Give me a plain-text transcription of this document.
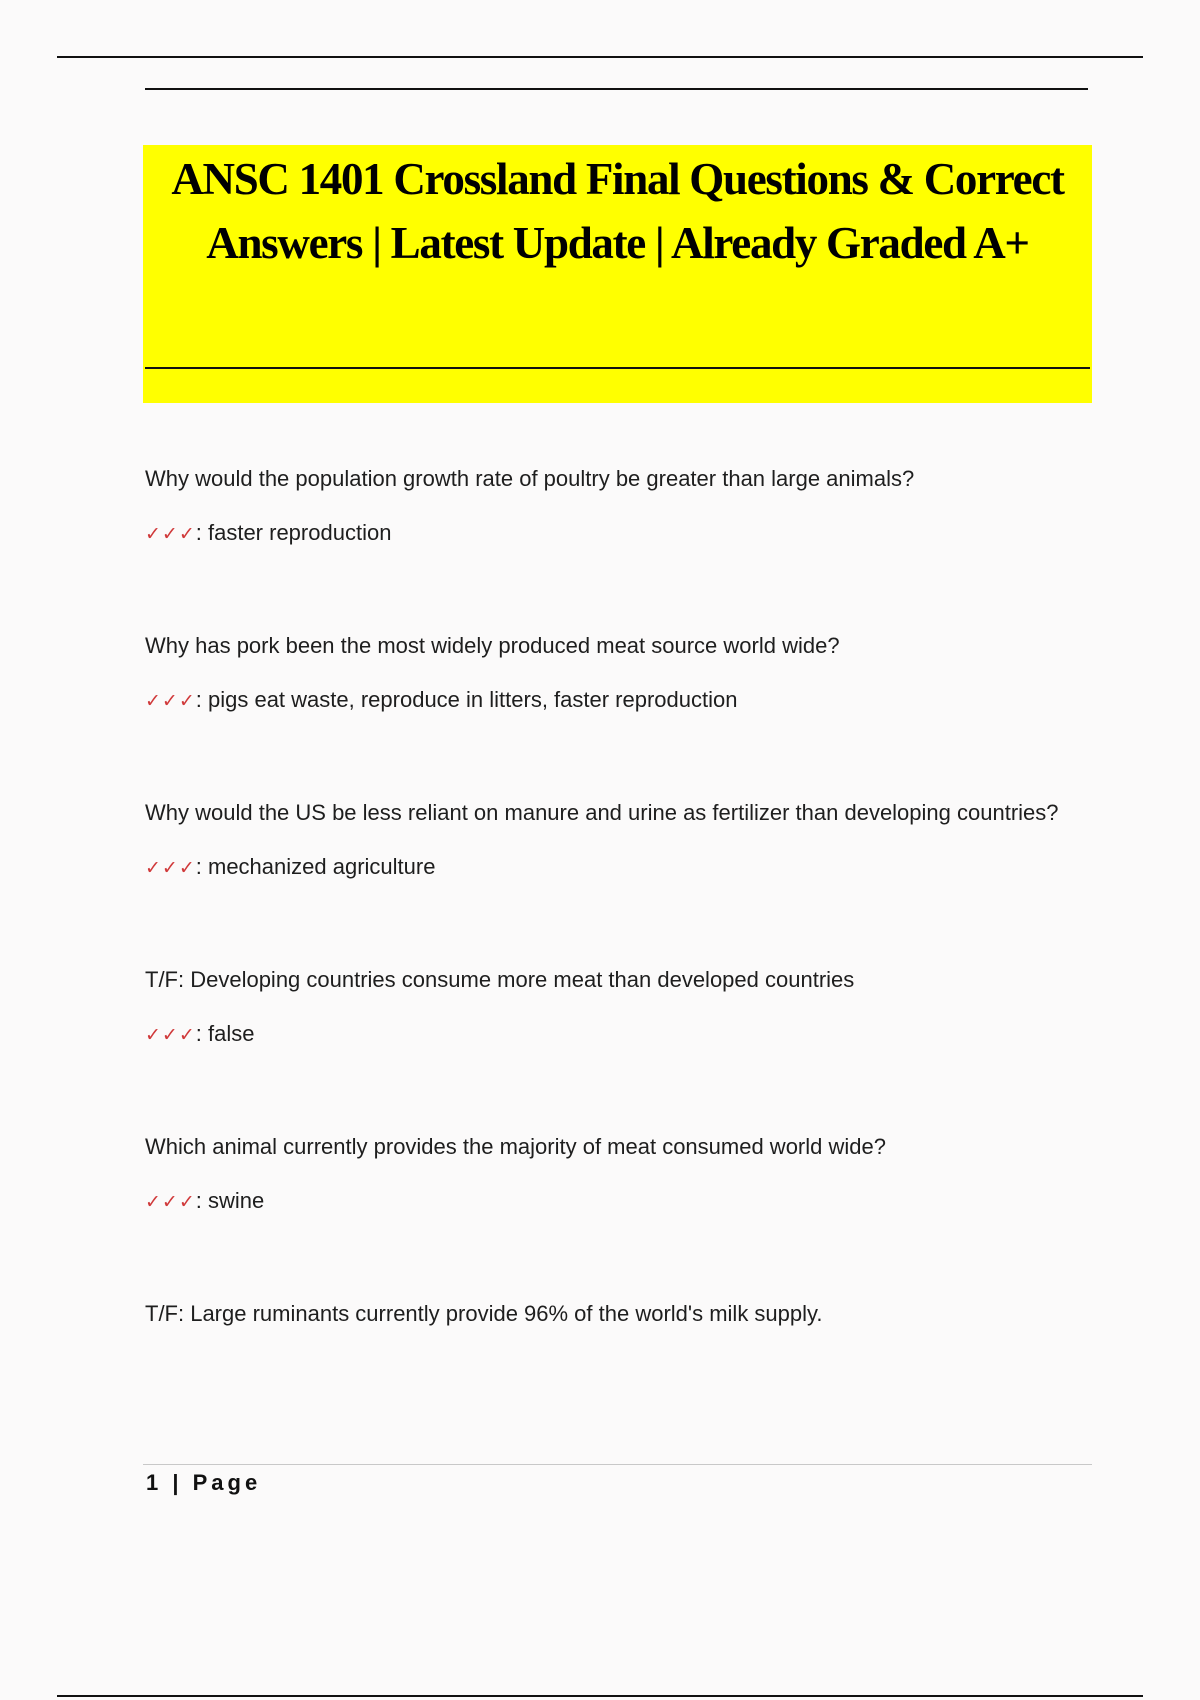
ANSC 1401 Crossland Final Questions & Correct Answers | Latest Update | Already Graded A+

Why would the population growth rate of poultry be greater than large animals?

✓✓✓: faster reproduction

Why has pork been the most widely produced meat source world wide?

✓✓✓: pigs eat waste, reproduce in litters, faster reproduction

Why would the US be less reliant on manure and urine as fertilizer than developing countries?

✓✓✓: mechanized agriculture

T/F: Developing countries consume more meat than developed countries

✓✓✓: false

Which animal currently provides the majority of meat consumed world wide?

✓✓✓: swine

T/F: Large ruminants currently provide 96% of the world's milk supply.

1 | Page
